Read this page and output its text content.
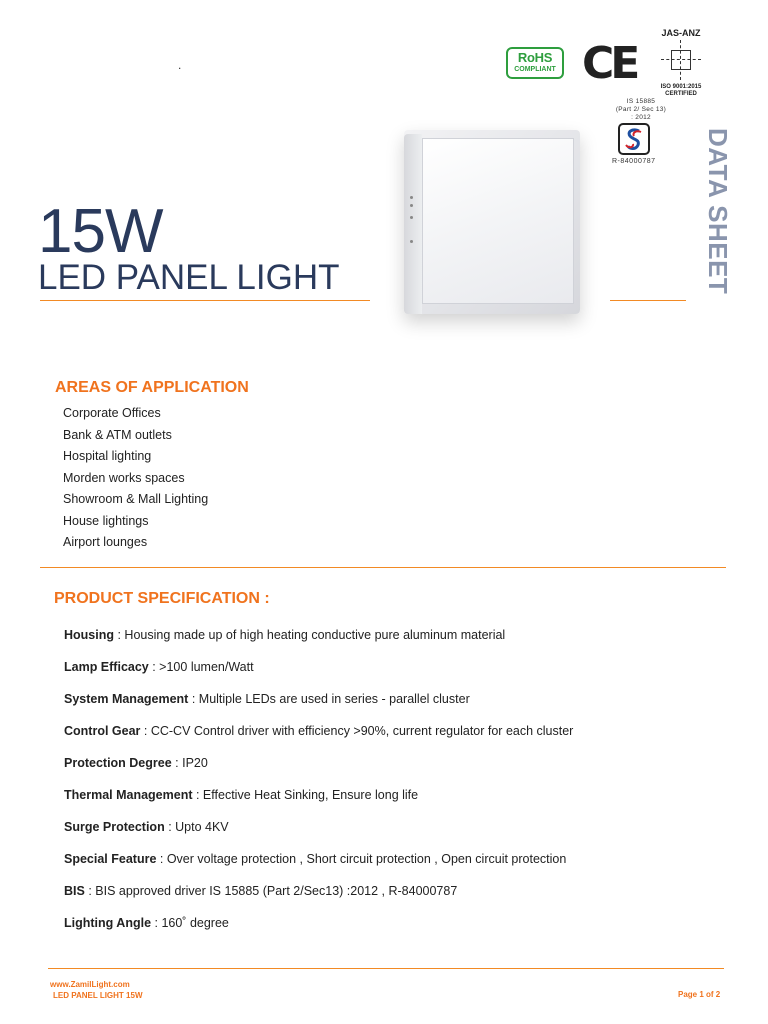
.	RoHS
COMPLIANT CE
JAS-ANZ
ISO 9001:2015
CERTIFIED
IS 15885
(Part 2/ Sec 13)
: 2012
R-84000787
15W
LED PANEL LIGHT	DATA SHEET
AREAS OF APPLICATION
Corporate Offices
Bank & ATM outlets
Hospital lighting
Morden works spaces
Showroom & Mall Lighting
House lightings
Airport lounges
PRODUCT SPECIFICATION :
Housing : Housing made up of high heating conductive pure aluminum material
Lamp Efficacy : >100 lumen/Watt
System Management : Multiple LEDs are used in series - parallel cluster
Control Gear : CC-CV Control driver with efficiency >90%, current regulator for each cluster
Protection Degree : IP20
Thermal Management : Effective Heat Sinking, Ensure long life
Surge Protection : Upto 4KV
Special Feature : Over voltage protection , Short circuit protection , Open circuit protection
BIS : BIS approved driver IS 15885 (Part 2/Sec13) :2012 , R-84000787
Lighting Angle : 160˚ degree
www.ZamilLight.com
LED PANEL LIGHT 15W	Page 1 of 2
